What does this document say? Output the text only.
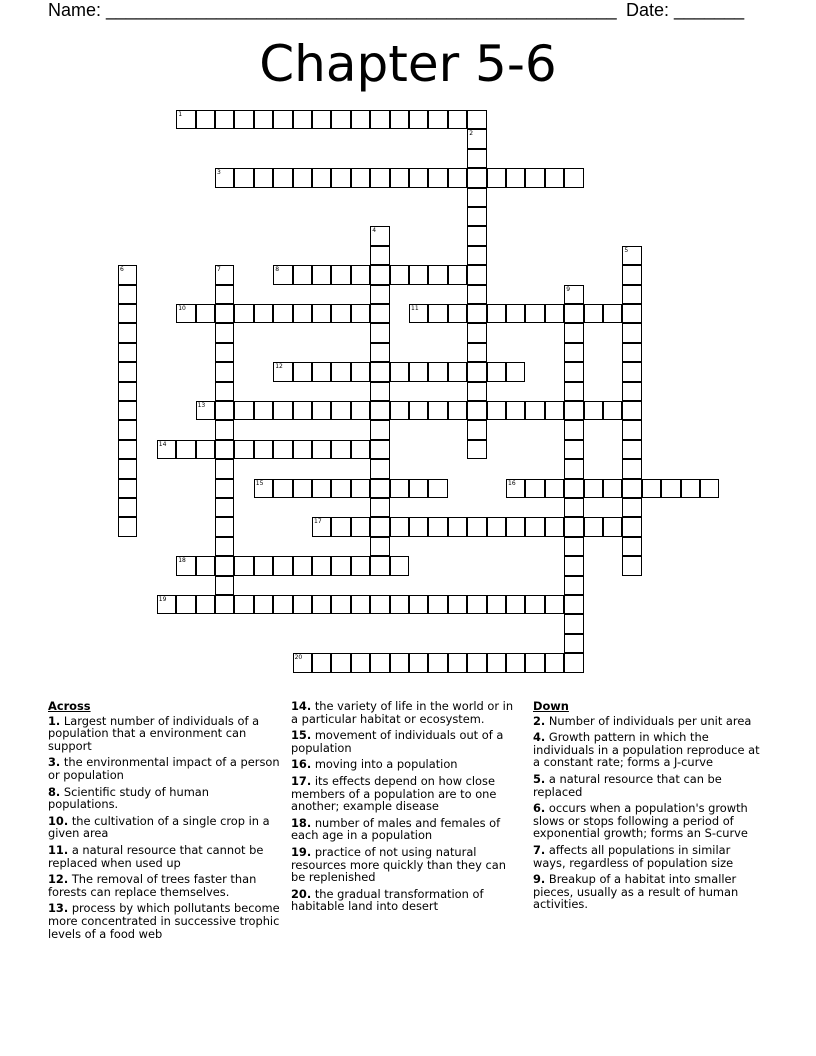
Name: ___________________________________________________ Date: _______
Chapter 5-6
1
2
3
4
5
6	7	8
9
10	11
12
13
14
15	16
17
18
19
20
Across
1. Largest number of individuals of a population that a environment can support
3. the environmental impact of a person or population
8. Scientific study of human populations.
10. the cultivation of a single crop in a given area
11. a natural resource that cannot be replaced when used up
12. The removal of trees faster than forests can replace themselves.
13. process by which pollutants become more concentrated in successive trophic levels of a food web
14. the variety of life in the world or in a particular habitat or ecosystem.
15. movement of individuals out of a population
16. moving into a population
17. its effects depend on how close members of a population are to one another; example disease
18. number of males and females of each age in a population
19. practice of not using natural resources more quickly than they can be replenished
20. the gradual transformation of habitable land into desert
Down
2. Number of individuals per unit area
4. Growth pattern in which the individuals in a population reproduce at a constant rate; forms a J-curve
5. a natural resource that can be replaced
6. occurs when a population's growth slows or stops following a period of exponential growth; forms an S-curve
7. affects all populations in similar ways, regardless of population size
9. Breakup of a habitat into smaller pieces, usually as a result of human activities.
